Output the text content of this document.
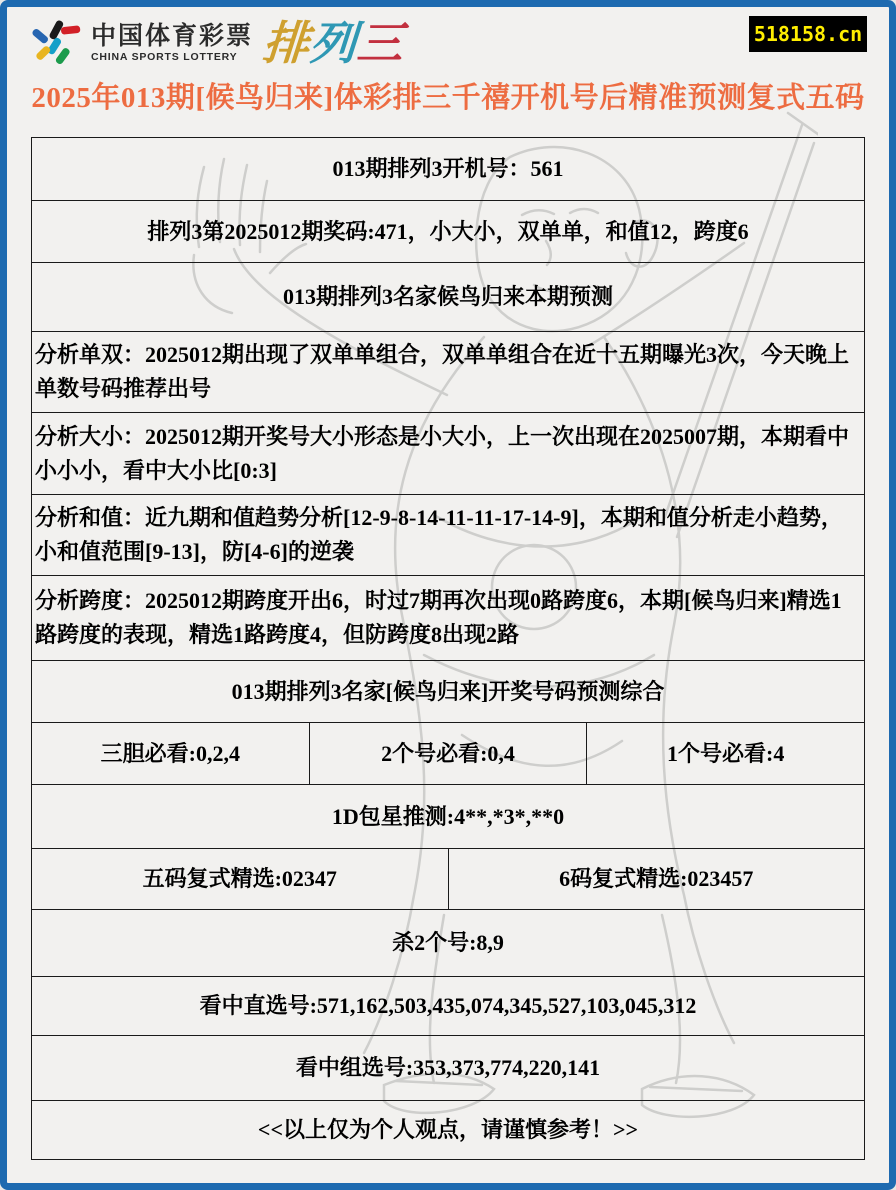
中国体育彩票
CHINA SPORTS LOTTERY 排列三	518158.cn
2025年013期[候鸟归来]体彩排三千禧开机号后精准预测复式五码
013期排列3开机号：561
排列3第2025012期奖码:471，小大小，双单单，和值12，跨度6
013期排列3名家候鸟归来本期预测
分析单双：2025012期出现了双单单组合，双单单组合在近十五期曝光3次，今天晚上单数号码推荐出号
分析大小：2025012期开奖号大小形态是小大小，上一次出现在2025007期，本期看中小小小，看中大小比[0:3]
分析和值：近九期和值趋势分析[12-9-8-14-11-11-17-14-9]，本期和值分析走小趋势，小和值范围[9-13]，防[4-6]的逆袭
分析跨度：2025012期跨度开出6，时过7期再次出现0路跨度6，本期[候鸟归来]精选1路跨度的表现，精选1路跨度4，但防跨度8出现2路
013期排列3名家[候鸟归来]开奖号码预测综合
三胆必看:0,2,4	2个号必看:0,4	1个号必看:4
1D包星推测:4**,*3*,**0
五码复式精选:02347	6码复式精选:023457
杀2个号:8,9
看中直选号:571,162,503,435,074,345,527,103,045,312
看中组选号:353,373,774,220,141
<<以上仅为个人观点，请谨慎参考！>>
